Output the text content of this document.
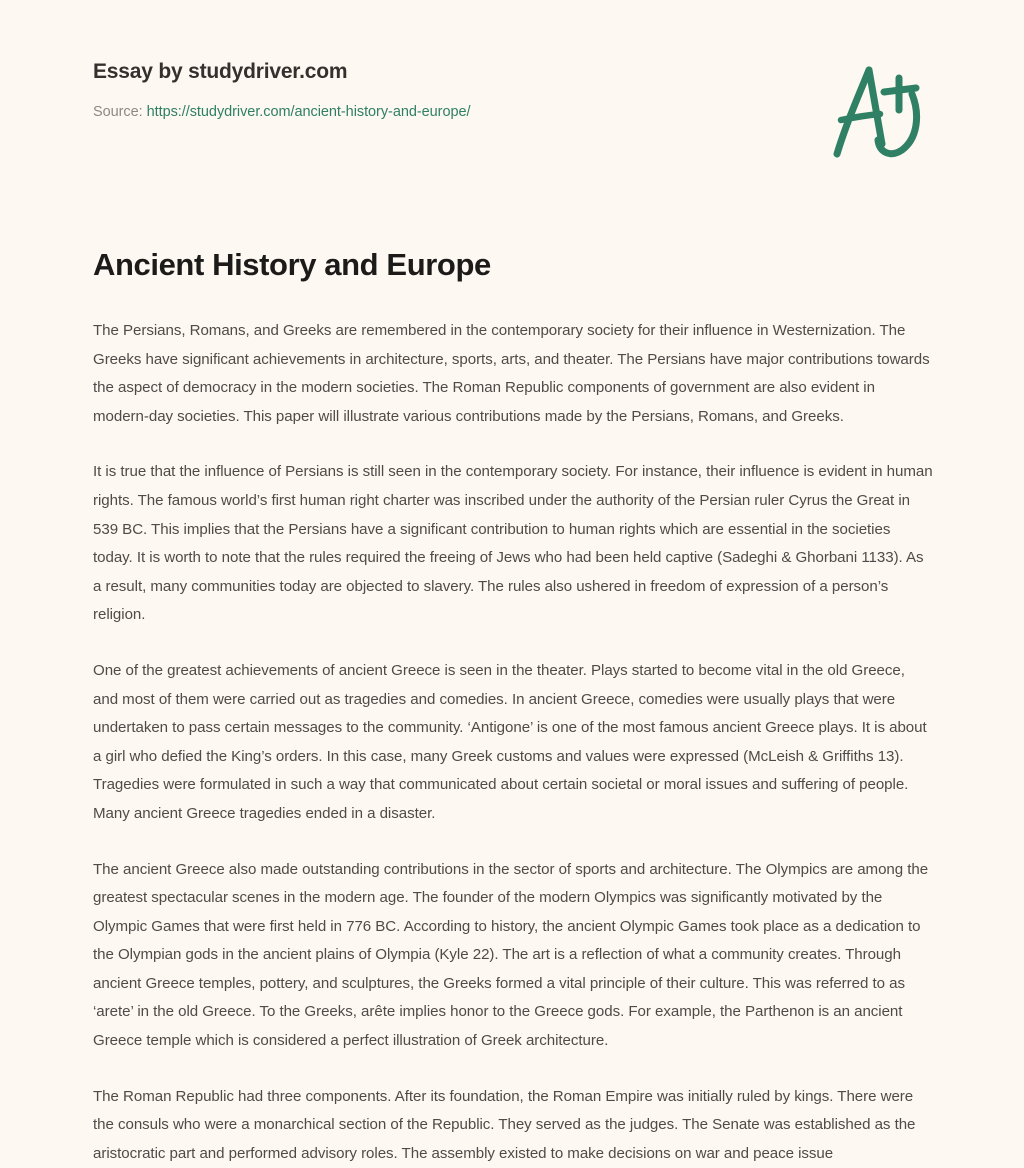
Essay by studydriver.com
Source: https://studydriver.com/ancient-history-and-europe/
Ancient History and Europe

The Persians, Romans, and Greeks are remembered in the contemporary society for their influence in Westernization. The Greeks have significant achievements in architecture, sports, arts, and theater. The Persians have major contributions towards the aspect of democracy in the modern societies. The Roman Republic components of government are also evident in modern-day societies. This paper will illustrate various contributions made by the Persians, Romans, and Greeks.

It is true that the influence of Persians is still seen in the contemporary society. For instance, their influence is evident in human rights. The famous world’s first human right charter was inscribed under the authority of the Persian ruler Cyrus the Great in 539 BC. This implies that the Persians have a significant contribution to human rights which are essential in the societies today. It is worth to note that the rules required the freeing of Jews who had been held captive (Sadeghi & Ghorbani 1133). As a result, many communities today are objected to slavery. The rules also ushered in freedom of expression of a person’s religion.

One of the greatest achievements of ancient Greece is seen in the theater. Plays started to become vital in the old Greece, and most of them were carried out as tragedies and comedies. In ancient Greece, comedies were usually plays that were undertaken to pass certain messages to the community. ‘Antigone’ is one of the most famous ancient Greece plays. It is about a girl who defied the King’s orders. In this case, many Greek customs and values were expressed (McLeish & Griffiths 13). Tragedies were formulated in such a way that communicated about certain societal or moral issues and suffering of people. Many ancient Greece tragedies ended in a disaster.

The ancient Greece also made outstanding contributions in the sector of sports and architecture. The Olympics are among the greatest spectacular scenes in the modern age. The founder of the modern Olympics was significantly motivated by the Olympic Games that were first held in 776 BC. According to history, the ancient Olympic Games took place as a dedication to the Olympian gods in the ancient plains of Olympia (Kyle 22). The art is a reflection of what a community creates. Through ancient Greece temples, pottery, and sculptures, the Greeks formed a vital principle of their culture. This was referred to as ‘arete’ in the old Greece. To the Greeks, arête implies honor to the Greece gods. For example, the Parthenon is an ancient Greece temple which is considered a perfect illustration of Greek architecture.

The Roman Republic had three components. After its foundation, the Roman Empire was initially ruled by kings. There were the consuls who were a monarchical section of the Republic. They served as the judges. The Senate was established as the aristocratic part and performed advisory roles. The assembly existed to make decisions on war and peace issue
